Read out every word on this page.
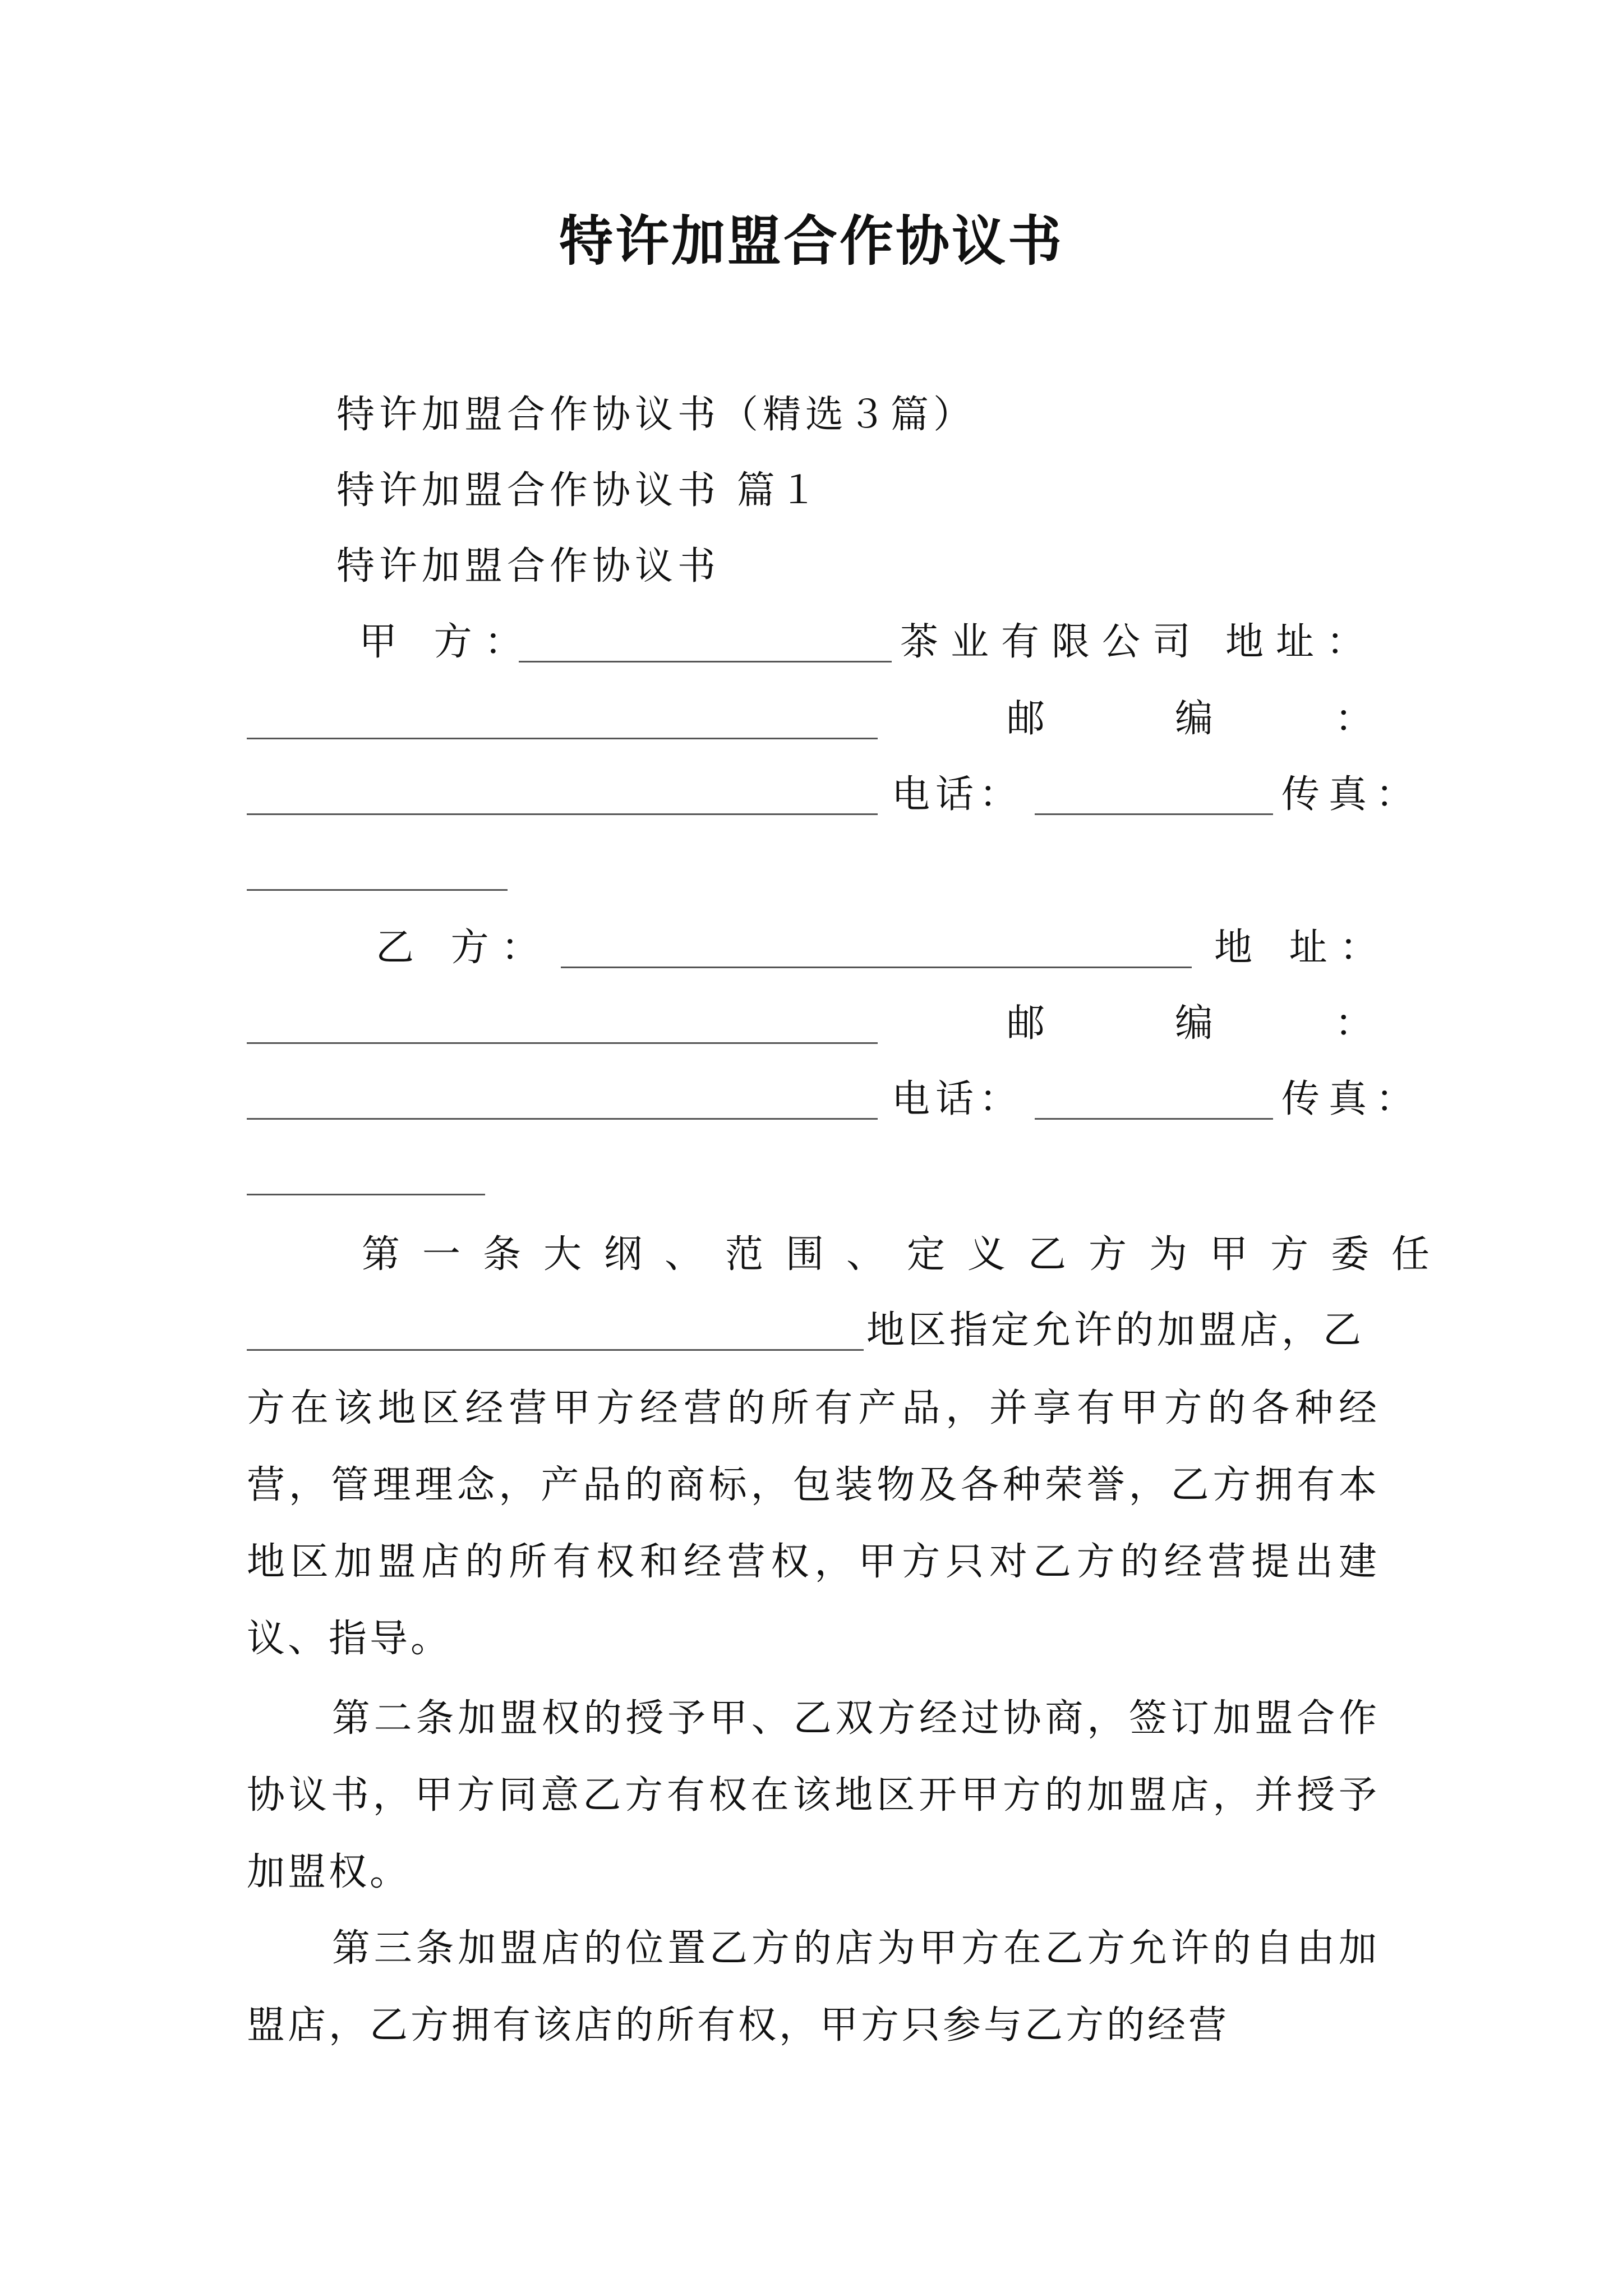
特许加盟合作协议书
特许加盟合作协议书（精选３篇）
特许加盟合作协议书 篇１
特许加盟合作协议书
甲 方：	茶业有限公司 地址：
邮	编	：
电话：	传真：
乙 方：	地 址：
邮	编	：
电话：	传真：
第一条大纲、范围、定义乙方为甲方委任
地区指定允许的加盟店，乙

方在该地区经营甲方经营的所有产品，并享有甲方的各种经营，管理理念，产品的商标，包装物及各种荣誉，乙方拥有本地区加盟店的所有权和经营权，甲方只对乙方的经营提出建议、指导。

第二条加盟权的授予甲、乙双方经过协商，签订加盟合作协议书，甲方同意乙方有权在该地区开甲方的加盟店，并授予加盟权。

第三条加盟店的位置乙方的店为甲方在乙方允许的自由加盟店，乙方拥有该店的所有权，甲方只参与乙方的经营
